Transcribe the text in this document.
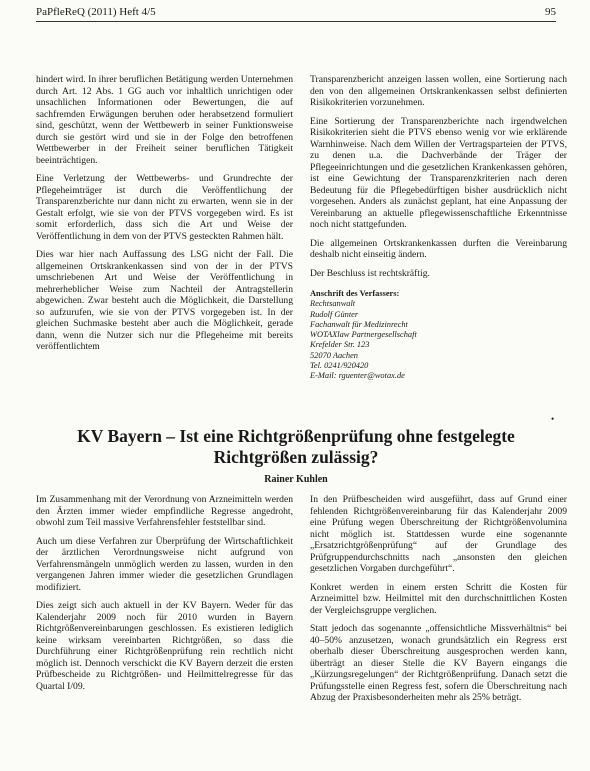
PaPfleReQ (2011) Heft 4/5	95

hindert wird. In ihrer beruflichen Betätigung werden Unternehmen durch Art. 12 Abs. 1 GG auch vor inhaltlich unrichtigen oder unsachlichen Informationen oder Bewertungen, die auf sachfremden Erwägungen beruhen oder herabsetzend formuliert sind, geschützt, wenn der Wettbewerb in seiner Funktionsweise durch sie gestört wird und sie in der Folge den betroffenen Wettbewerber in der Freiheit seiner beruflichen Tätigkeit beeinträchtigen.

Eine Verletzung der Wettbewerbs- und Grundrechte der Pflegeheimträger ist durch die Veröffentlichung der Transparenzberichte nur dann nicht zu erwarten, wenn sie in der Gestalt erfolgt, wie sie von der PTVS vorgegeben wird. Es ist somit erforderlich, dass sich die Art und Weise der Veröffentlichung in dem von der PTVS gesteckten Rahmen hält.

Dies war hier nach Auffassung des LSG nicht der Fall. Die allgemeinen Ortskrankenkassen sind von der in der PTVS umschriebenen Art und Weise der Veröffentlichung in mehrerheblicher Weise zum Nachteil der Antragstellerin abgewichen. Zwar besteht auch die Möglichkeit, die Darstellung so aufzurufen, wie sie von der PTVS vorgegeben ist. In der gleichen Suchmaske besteht aber auch die Möglichkeit, gerade dann, wenn die Nutzer sich nur die Pflegeheime mit bereits veröffentlichtem

Transparenzbericht anzeigen lassen wollen, eine Sortierung nach den von den allgemeinen Ortskrankenkassen selbst definierten Risikokriterien vorzunehmen.

Eine Sortierung der Transparenzberichte nach irgendwelchen Risikokriterien sieht die PTVS ebenso wenig vor wie erklärende Warnhinweise. Nach dem Willen der Vertragsparteien der PTVS, zu denen u.a. die Dachverbände der Träger der Pflegeeinrichtungen und die gesetzlichen Krankenkassen gehören, ist eine Gewichtung der Transparenzkriterien nach deren Bedeutung für die Pflegebedürftigen bisher ausdrücklich nicht vorgesehen. Anders als zunächst geplant, hat eine Anpassung der Vereinbarung an aktuelle pflegewissenschaftliche Erkenntnisse noch nicht stattgefunden.

Die allgemeinen Ortskrankenkassen durften die Vereinbarung deshalb nicht einseitig ändern.

Der Beschluss ist rechtskräftig.

Anschrift des Verfassers:
Rechtsanwalt
Rudolf Günter
Fachanwalt für Medizinrecht
WOTAXlaw Partnergesellschaft
Krefelder Str. 123
52070 Aachen
Tel. 0241/920420
E-Mail: rguenter@wotax.de
•
KV Bayern – Ist eine Richtgrößenprüfung ohne festgelegte Richtgrößen zulässig?
Rainer Kuhlen

Im Zusammenhang mit der Verordnung von Arzneimitteln werden den Ärzten immer wieder empfindliche Regresse angedroht, obwohl zum Teil massive Verfahrensfehler feststellbar sind.

Auch um diese Verfahren zur Überprüfung der Wirtschaftlichkeit der ärztlichen Verordnungsweise nicht aufgrund von Verfahrensmängeln unmöglich werden zu lassen, wurden in den vergangenen Jahren immer wieder die gesetzlichen Grundlagen modifiziert.

Dies zeigt sich auch aktuell in der KV Bayern. Weder für das Kalenderjahr 2009 noch für 2010 wurden in Bayern Richtgrößenvereinbarungen geschlossen. Es existieren lediglich keine wirksam vereinbarten Richtgrößen, so dass die Durchführung einer Richtgrößenprüfung rein rechtlich nicht möglich ist. Dennoch verschickt die KV Bayern derzeit die ersten Prüfbescheide zu Richtgrößen- und Heilmittelregresse für das Quartal I/09.

In den Prüfbescheiden wird ausgeführt, dass auf Grund einer fehlenden Richtgrößenvereinbarung für das Kalenderjahr 2009 eine Prüfung wegen Überschreitung der Richtgrößenvolumina nicht möglich ist. Stattdessen wurde eine sogenannte „Ersatzrichtgrößenprüfung“ auf der Grundlage des Prüfgruppendurchschnitts nach „ansonsten den gleichen gesetzlichen Vorgaben durchgeführt“.

Konkret werden in einem ersten Schritt die Kosten für Arzneimittel bzw. Heilmittel mit den durchschnittlichen Kosten der Vergleichsgruppe verglichen.

Statt jedoch das sogenannte „offensichtliche Missverhältnis“ bei 40–50% anzusetzen, wonach grundsätzlich ein Regress erst oberhalb dieser Überschreitung ausgesprochen werden kann, überträgt an dieser Stelle die KV Bayern eingangs die „Kürzungsregelungen“ der Richtgrößenprüfung. Danach setzt die Prüfungsstelle einen Regress fest, sofern die Überschreitung nach Abzug der Praxisbesonderheiten mehr als 25% beträgt.
